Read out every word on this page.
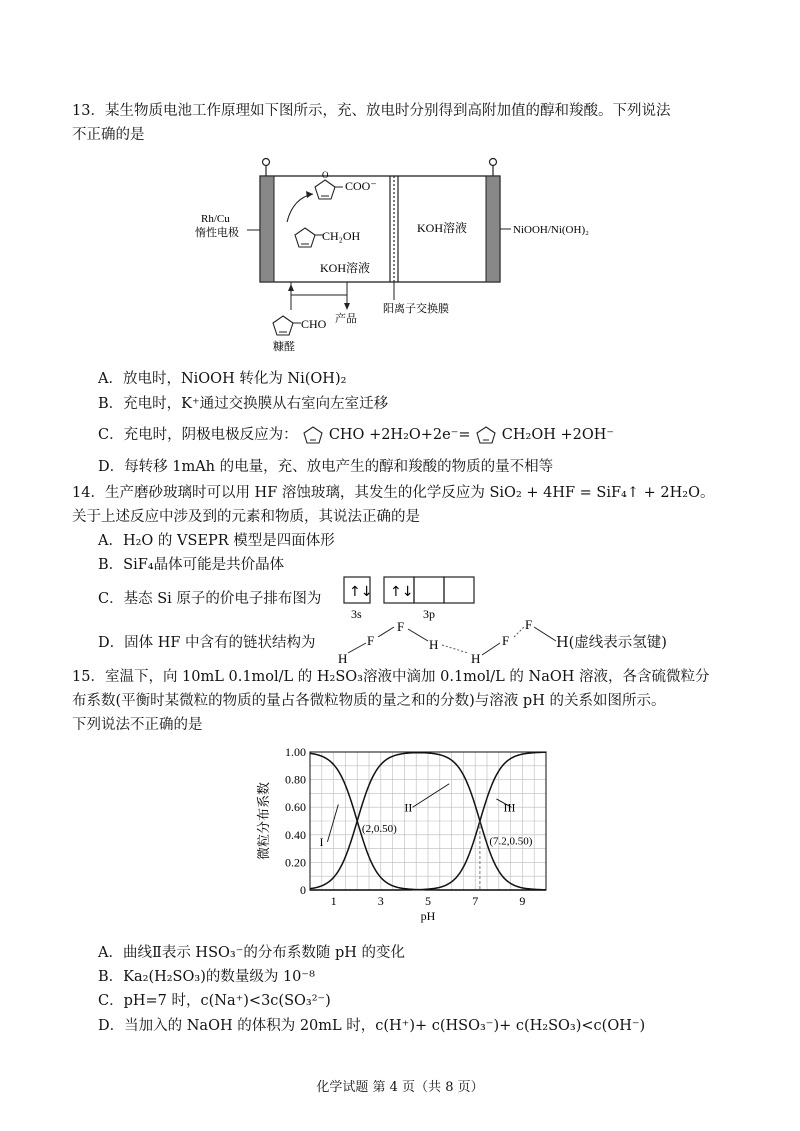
13．某生物质电池工作原理如下图所示，充、放电时分别得到高附加值的醇和羧酸。下列说法
不正确的是
O
COO⁻
CH₂OH
KOH溶液
KOH溶液
Rh/Cu
惰性电极	NiOOH/Ni(OH)₂
阳离子交换膜
产品
CHO
糠醛
A．放电时，NiOOH 转化为 Ni(OH)₂
B．充电时，K⁺通过交换膜从右室向左室迁移
C．充电时，阴极电极反应为： CHO +2H₂O+2e⁻= CH₂OH +2OH⁻
D．每转移 1mAh 的电量，充、放电产生的醇和羧酸的物质的量不相等
14．生产磨砂玻璃时可以用 HF 溶蚀玻璃，其发生的化学反应为 SiO₂ + 4HF = SiF₄↑ + 2H₂O。
关于上述反应中涉及到的元素和物质，其说法正确的是
A．H₂O 的 VSEPR 模型是四面体形
B．SiF₄晶体可能是共价晶体
C．基态 Si 原子的价电子排布图为 ↑↓ ↑↓
3s	3p
D．固体 HF 中含有的链状结构为
H
F
F
H
H
F
F
H(虚线表示氢键)
15．室温下，向 10mL 0.1mol/L 的 H₂SO₃溶液中滴加 0.1mol/L 的 NaOH 溶液，各含硫微粒分
布系数(平衡时某微粒的物质的量占各微粒物质的量之和的分数)与溶液 pH 的关系如图所示。
下列说法不正确的是
0
0.20
0.40
0.60
0.80
1.00
1	3	5	7	9
pH
微粒分布系数	I
II	III
(2,0.50)
(7.2,0.50)
A．曲线Ⅱ表示 HSO₃⁻的分布系数随 pH 的变化
B．Ka₂(H₂SO₃)的数量级为 10⁻⁸
C．pH=7 时，c(Na⁺)<3c(SO₃²⁻)
D．当加入的 NaOH 的体积为 20mL 时，c(H⁺)+ c(HSO₃⁻)+ c(H₂SO₃)<c(OH⁻)
化学试题 第 4 页（共 8 页）
